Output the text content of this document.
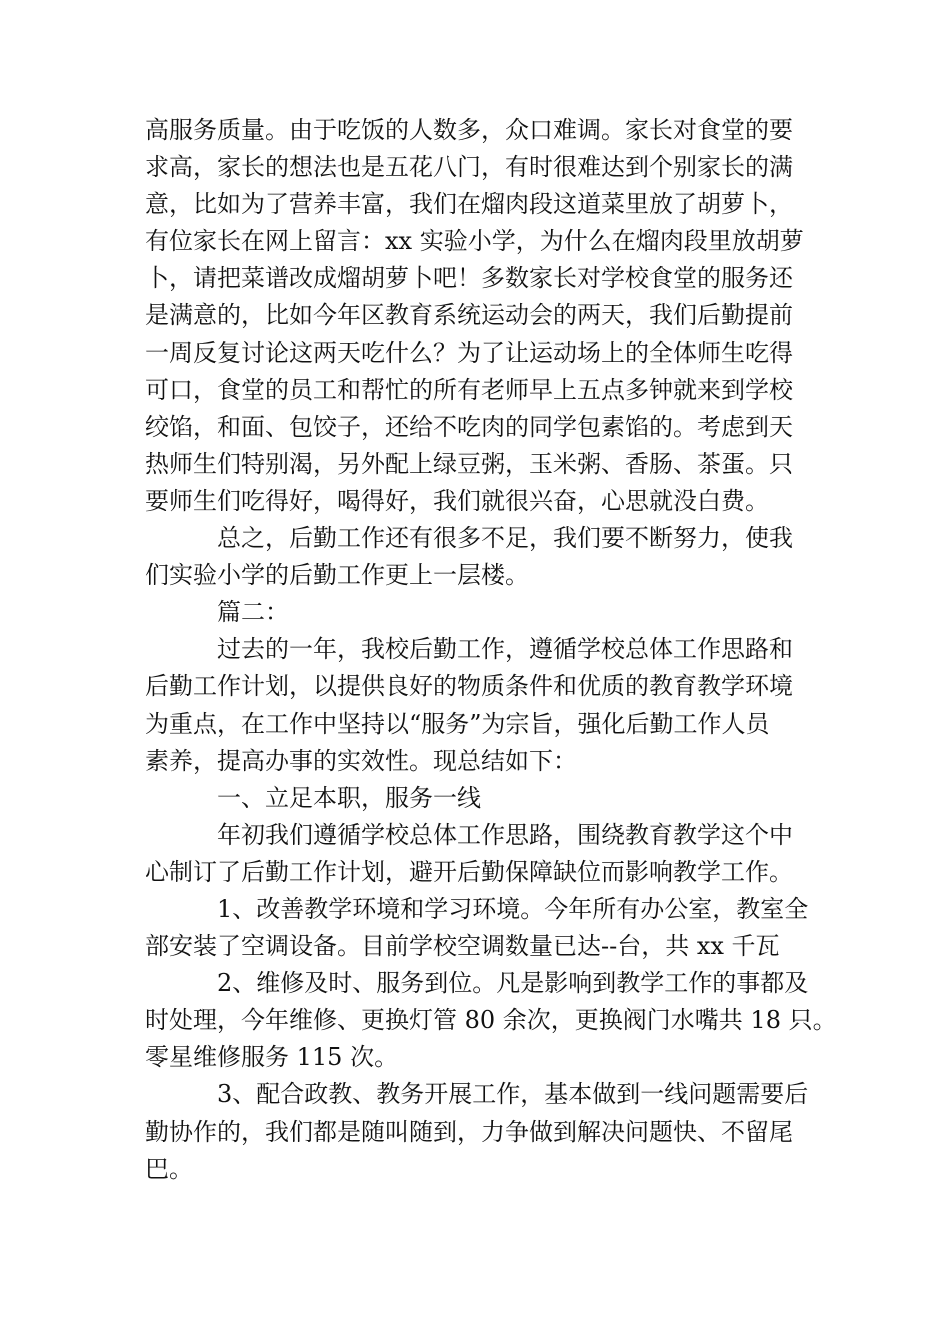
高服务质量。由于吃饭的人数多，众口难调。家长对食堂的要
求高，家长的想法也是五花八门，有时很难达到个别家长的满
意，比如为了营养丰富，我们在熘肉段这道菜里放了胡萝卜，
有位家长在网上留言：xx 实验小学，为什么在熘肉段里放胡萝
卜，请把菜谱改成熘胡萝卜吧！多数家长对学校食堂的服务还
是满意的，比如今年区教育系统运动会的两天，我们后勤提前
一周反复讨论这两天吃什么？为了让运动场上的全体师生吃得
可口，食堂的员工和帮忙的所有老师早上五点多钟就来到学校
绞馅，和面、包饺子，还给不吃肉的同学包素馅的。考虑到天
热师生们特别渴，另外配上绿豆粥，玉米粥、香肠、茶蛋。只
要师生们吃得好，喝得好，我们就很兴奋，心思就没白费。
总之，后勤工作还有很多不足，我们要不断努力，使我
们实验小学的后勤工作更上一层楼。
篇二：
过去的一年，我校后勤工作，遵循学校总体工作思路和
后勤工作计划，以提供良好的物质条件和优质的教育教学环境
为重点，在工作中坚持以“服务”为宗旨，强化后勤工作人员
素养，提高办事的实效性。现总结如下：
一、立足本职，服务一线
年初我们遵循学校总体工作思路，围绕教育教学这个中
心制订了后勤工作计划，避开后勤保障缺位而影响教学工作。
1、改善教学环境和学习环境。今年所有办公室，教室全
部安装了空调设备。目前学校空调数量已达--台，共 xx 千瓦
2、维修及时、服务到位。凡是影响到教学工作的事都及
时处理，今年维修、更换灯管 80 余次，更换阀门水嘴共 18 只。
零星维修服务 115 次。
3、配合政教、教务开展工作，基本做到一线问题需要后
勤协作的，我们都是随叫随到，力争做到解决问题快、不留尾
巴。
